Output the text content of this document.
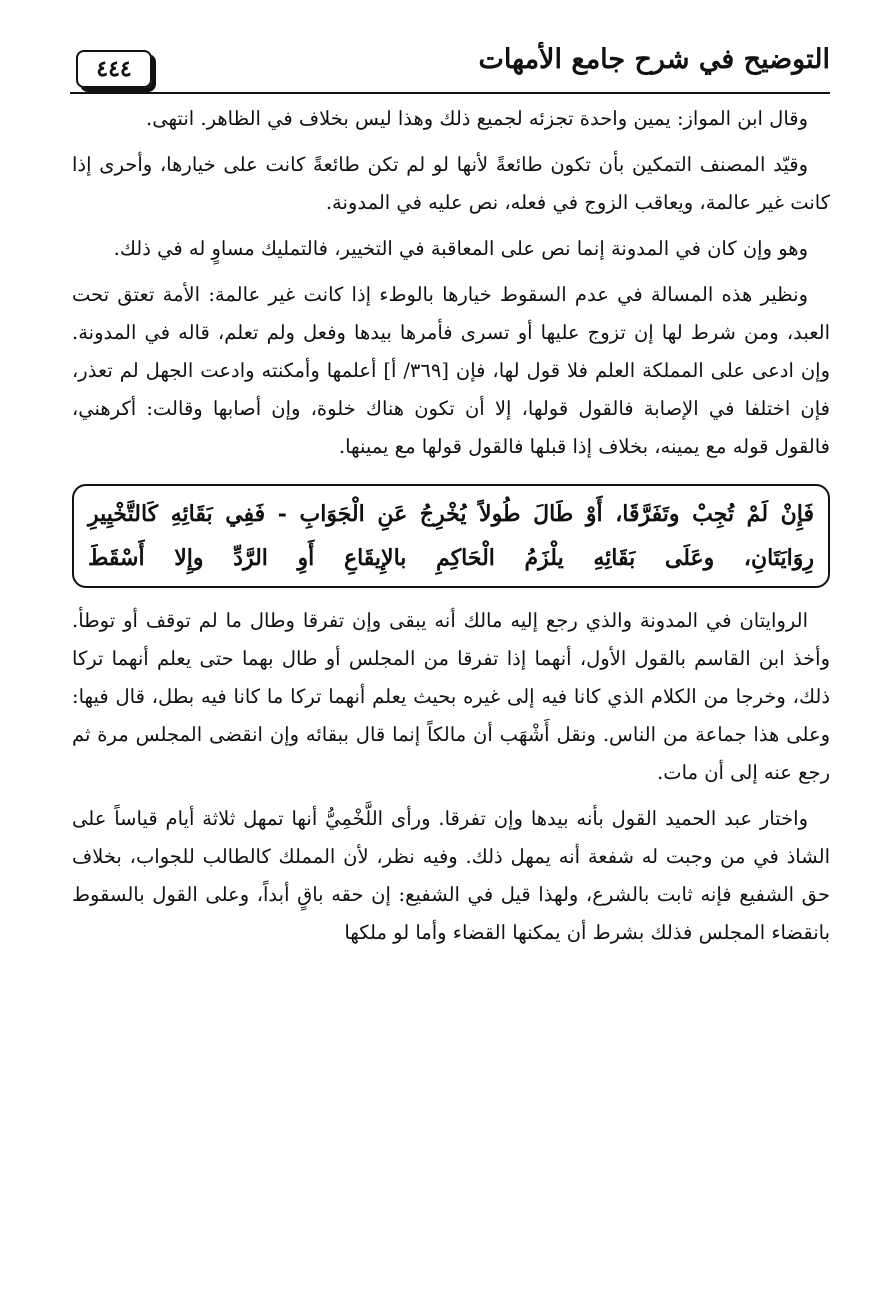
التوضيح في شرح جامع الأمهات
٤٤٤

وقال ابن المواز: يمين واحدة تجزئه لجميع ذلك وهذا ليس بخلاف في الظاهر. انتهى.

وقيّد المصنف التمكين بأن تكون طائعةً لأنها لو لم تكن طائعةً كانت على خيارها، وأحرى إذا كانت غير عالمة، ويعاقب الزوج في فعله، نص عليه في المدونة.

وهو وإن كان في المدونة إنما نص على المعاقبة في التخيير، فالتمليك مساوٍ له في ذلك.

ونظير هذه المسالة في عدم السقوط خيارها بالوطء إذا كانت غير عالمة: الأمة تعتق تحت العبد، ومن شرط لها إن تزوج عليها أو تسرى فأمرها بيدها وفعل ولم تعلم، قاله في المدونة. وإن ادعى على المملكة العلم فلا قول لها، فإن [٣٦٩/ أ] أعلمها وأمكنته وادعت الجهل لم تعذر، فإن اختلفا في الإصابة فالقول قولها، إلا أن تكون هناك خلوة، وإن أصابها وقالت: أكرهني، فالقول قوله مع يمينه، بخلاف إذا قبلها فالقول قولها مع يمينها.

فَإِنْ لَمْ تُجِبْ وتَفَرَّقَا، أَوْ طَالَ طُولاً يُخْرِجُ عَنِ الْجَوَابِ - فَفِي بَقَائِهِ كَالتَّخْيِيرِ رِوَايَتَانِ، وعَلَى بَقَائِهِ يلْزَمُ الْحَاكِمِ بالإِيقَاعِ أَوِ الرَّدِّ وإِلا أَسْقَطَ

الروايتان في المدونة والذي رجع إليه مالك أنه يبقى وإن تفرقا وطال ما لم توقف أو توطأ. وأخذ ابن القاسم بالقول الأول، أنهما إذا تفرقا من المجلس أو طال بهما حتى يعلم أنهما تركا ذلك، وخرجا من الكلام الذي كانا فيه إلى غيره بحيث يعلم أنهما تركا ما كانا فيه بطل، قال فيها: وعلى هذا جماعة من الناس. ونقل أَشْهَب أن مالكاً إنما قال ببقائه وإن انقضى المجلس مرة ثم رجع عنه إلى أن مات.

واختار عبد الحميد القول بأنه بيدها وإن تفرقا. ورأى اللَّخْمِيُّ أنها تمهل ثلاثة أيام قياساً على الشاذ في من وجبت له شفعة أنه يمهل ذلك. وفيه نظر، لأن المملك كالطالب للجواب، بخلاف حق الشفيع فإنه ثابت بالشرع، ولهذا قيل في الشفيع: إن حقه باقٍ أبداً، وعلى القول بالسقوط بانقضاء المجلس فذلك بشرط أن يمكنها القضاء وأما لو ملكها
